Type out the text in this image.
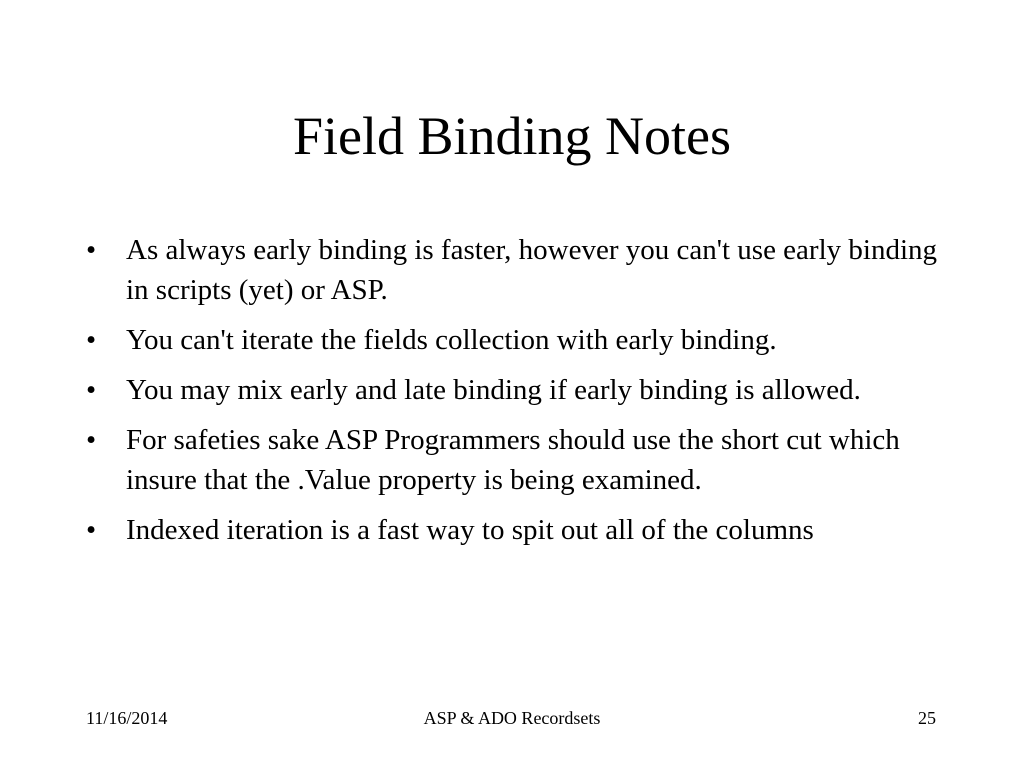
Field Binding Notes
•	As always early binding is faster, however you can't use early binding in scripts (yet) or ASP.
•	You can't iterate the fields collection with early binding.
•	You may mix early and late binding if early binding is allowed.
•	For safeties sake ASP Programmers should use the short cut which insure that the .Value property is being examined.
•	Indexed iteration is a fast way to spit out all of the columns
11/16/2014	ASP & ADO Recordsets	25
